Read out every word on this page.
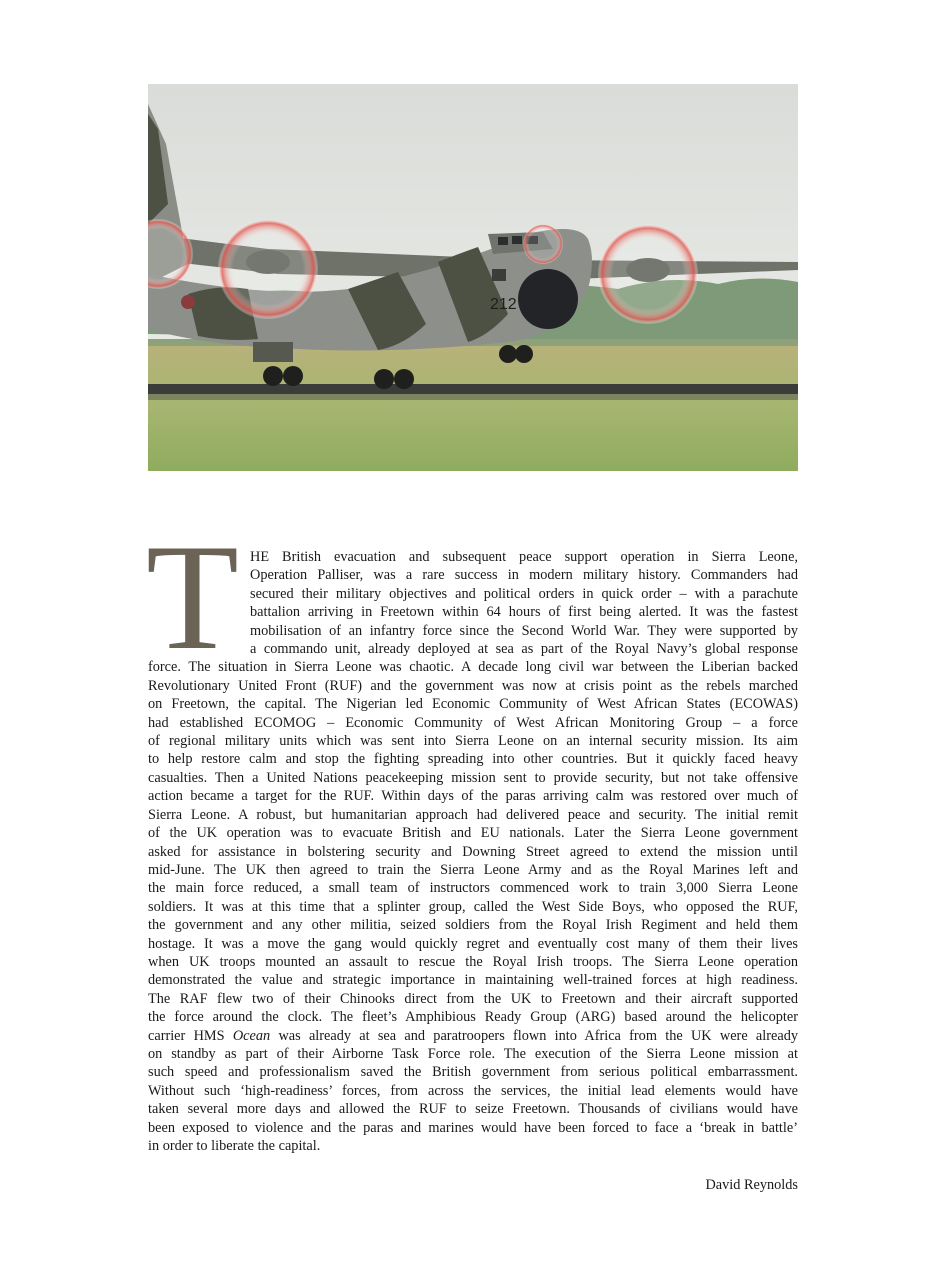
212
T HE British evacuation and subsequent peace support operation in Sierra Leone,
Operation Palliser, was a rare success in modern military history. Commanders had
secured their military objectives and political orders in quick order – with a parachute
battalion arriving in Freetown within 64 hours of first being alerted. It was the fastest
mobilisation of an infantry force since the Second World War. They were supported by
a commando unit, already deployed at sea as part of the Royal Navy’s global response
force. The situation in Sierra Leone was chaotic. A decade long civil war between the Liberian backed
Revolutionary United Front (RUF) and the government was now at crisis point as the rebels marched
on Freetown, the capital. The Nigerian led Economic Community of West African States (ECOWAS)
had established ECOMOG – Economic Community of West African Monitoring Group – a force
of regional military units which was sent into Sierra Leone on an internal security mission. Its aim
to help restore calm and stop the fighting spreading into other countries. But it quickly faced heavy
casualties. Then a United Nations peacekeeping mission sent to provide security, but not take offensive
action became a target for the RUF. Within days of the paras arriving calm was restored over much of
Sierra Leone. A robust, but humanitarian approach had delivered peace and security. The initial remit
of the UK operation was to evacuate British and EU nationals. Later the Sierra Leone government
asked for assistance in bolstering security and Downing Street agreed to extend the mission until
mid-June. The UK then agreed to train the Sierra Leone Army and as the Royal Marines left and
the main force reduced, a small team of instructors commenced work to train 3,000 Sierra Leone
soldiers. It was at this time that a splinter group, called the West Side Boys, who opposed the RUF,
the government and any other militia, seized soldiers from the Royal Irish Regiment and held them
hostage. It was a move the gang would quickly regret and eventually cost many of them their lives
when UK troops mounted an assault to rescue the Royal Irish troops. The Sierra Leone operation
demonstrated the value and strategic importance in maintaining well-trained forces at high readiness.
The RAF flew two of their Chinooks direct from the UK to Freetown and their aircraft supported
the force around the clock. The fleet’s Amphibious Ready Group (ARG) based around the helicopter
carrier HMS Ocean was already at sea and paratroopers flown into Africa from the UK were already
on standby as part of their Airborne Task Force role. The execution of the Sierra Leone mission at
such speed and professionalism saved the British government from serious political embarrassment.
Without such ‘high-readiness’ forces, from across the services, the initial lead elements would have
taken several more days and allowed the RUF to seize Freetown. Thousands of civilians would have
been exposed to violence and the paras and marines would have been forced to face a ‘break in battle’
in order to liberate the capital.
David Reynolds
